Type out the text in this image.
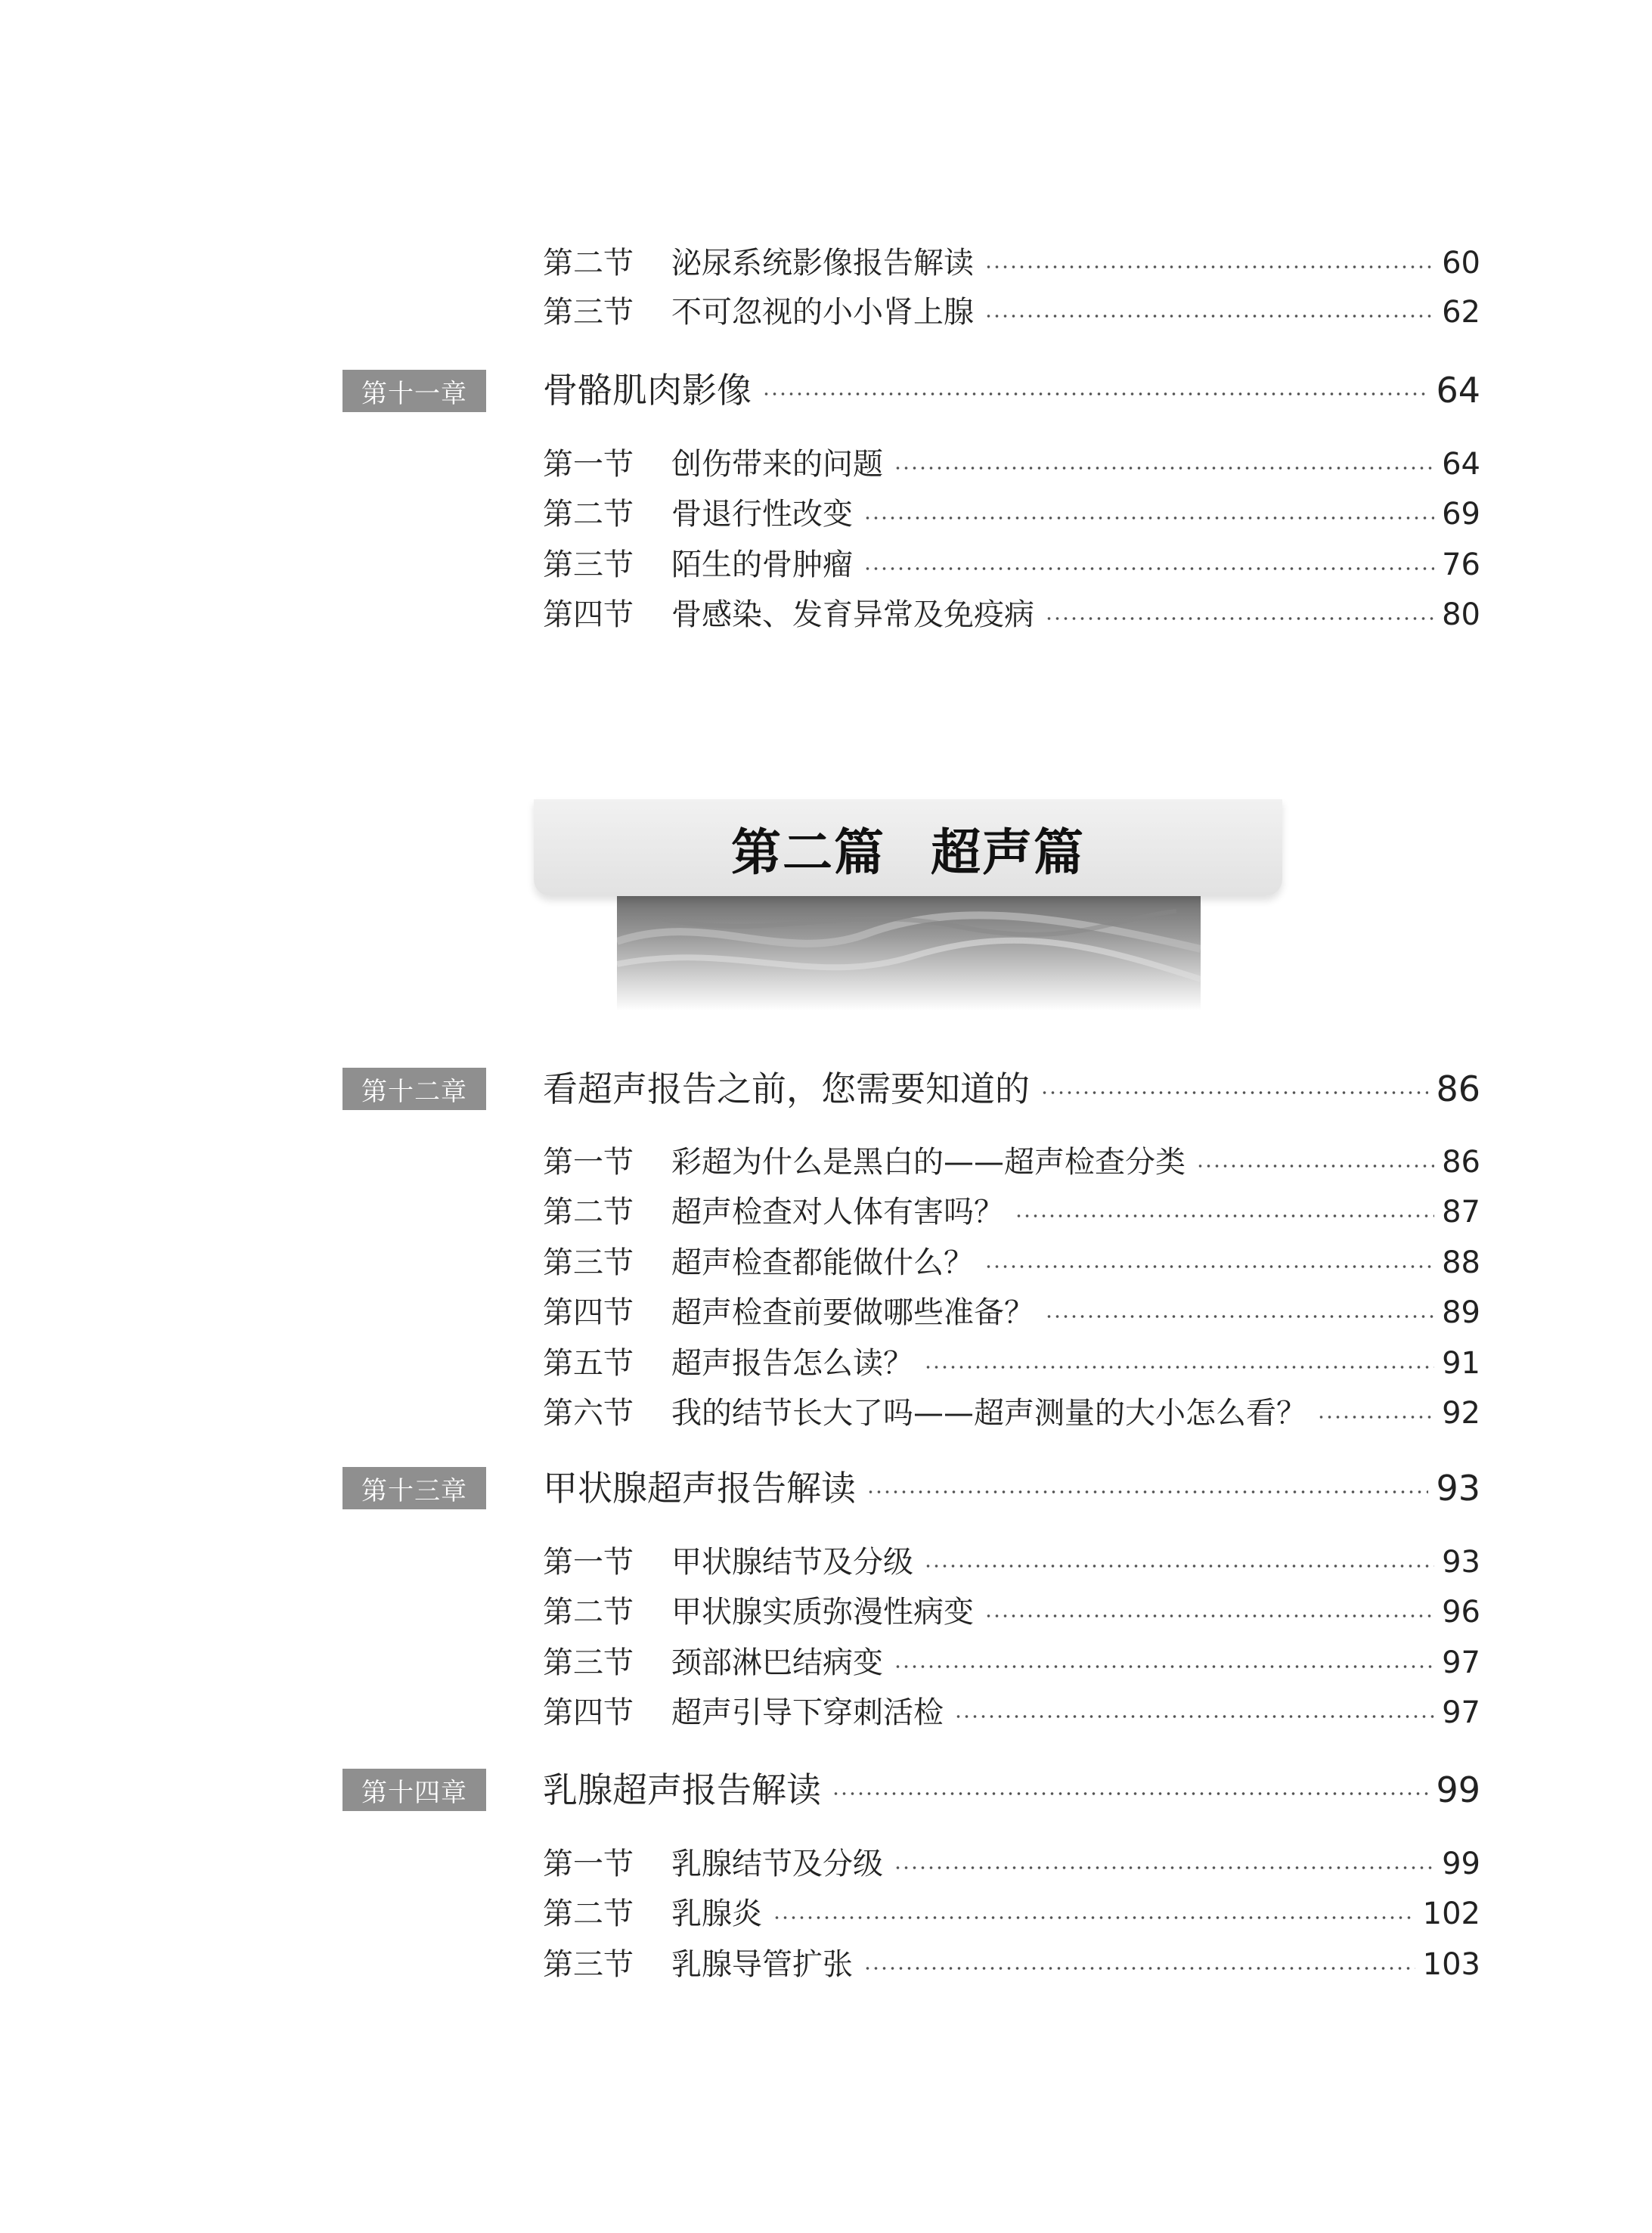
第二节	泌尿系统影像报告解读	60
第三节	不可忽视的小小肾上腺	62
第十一章	骨骼肌肉影像	64
第一节	创伤带来的问题	64
第二节	骨退行性改变	69
第三节	陌生的骨肿瘤	76
第四节	骨感染、发育异常及免疫病	80
第二篇 超声篇
第十二章	看超声报告之前，您需要知道的	86
第一节	彩超为什么是黑白的——超声检查分类	86
第二节	超声检查对人体有害吗？	87
第三节	超声检查都能做什么？	88
第四节	超声检查前要做哪些准备？	89
第五节	超声报告怎么读？	91
第六节	我的结节长大了吗——超声测量的大小怎么看？	92
第十三章	甲状腺超声报告解读	93
第一节	甲状腺结节及分级	93
第二节	甲状腺实质弥漫性病变	96
第三节	颈部淋巴结病变	97
第四节	超声引导下穿刺活检	97
第十四章	乳腺超声报告解读	99
第一节	乳腺结节及分级	99
第二节	乳腺炎	102
第三节	乳腺导管扩张	103
